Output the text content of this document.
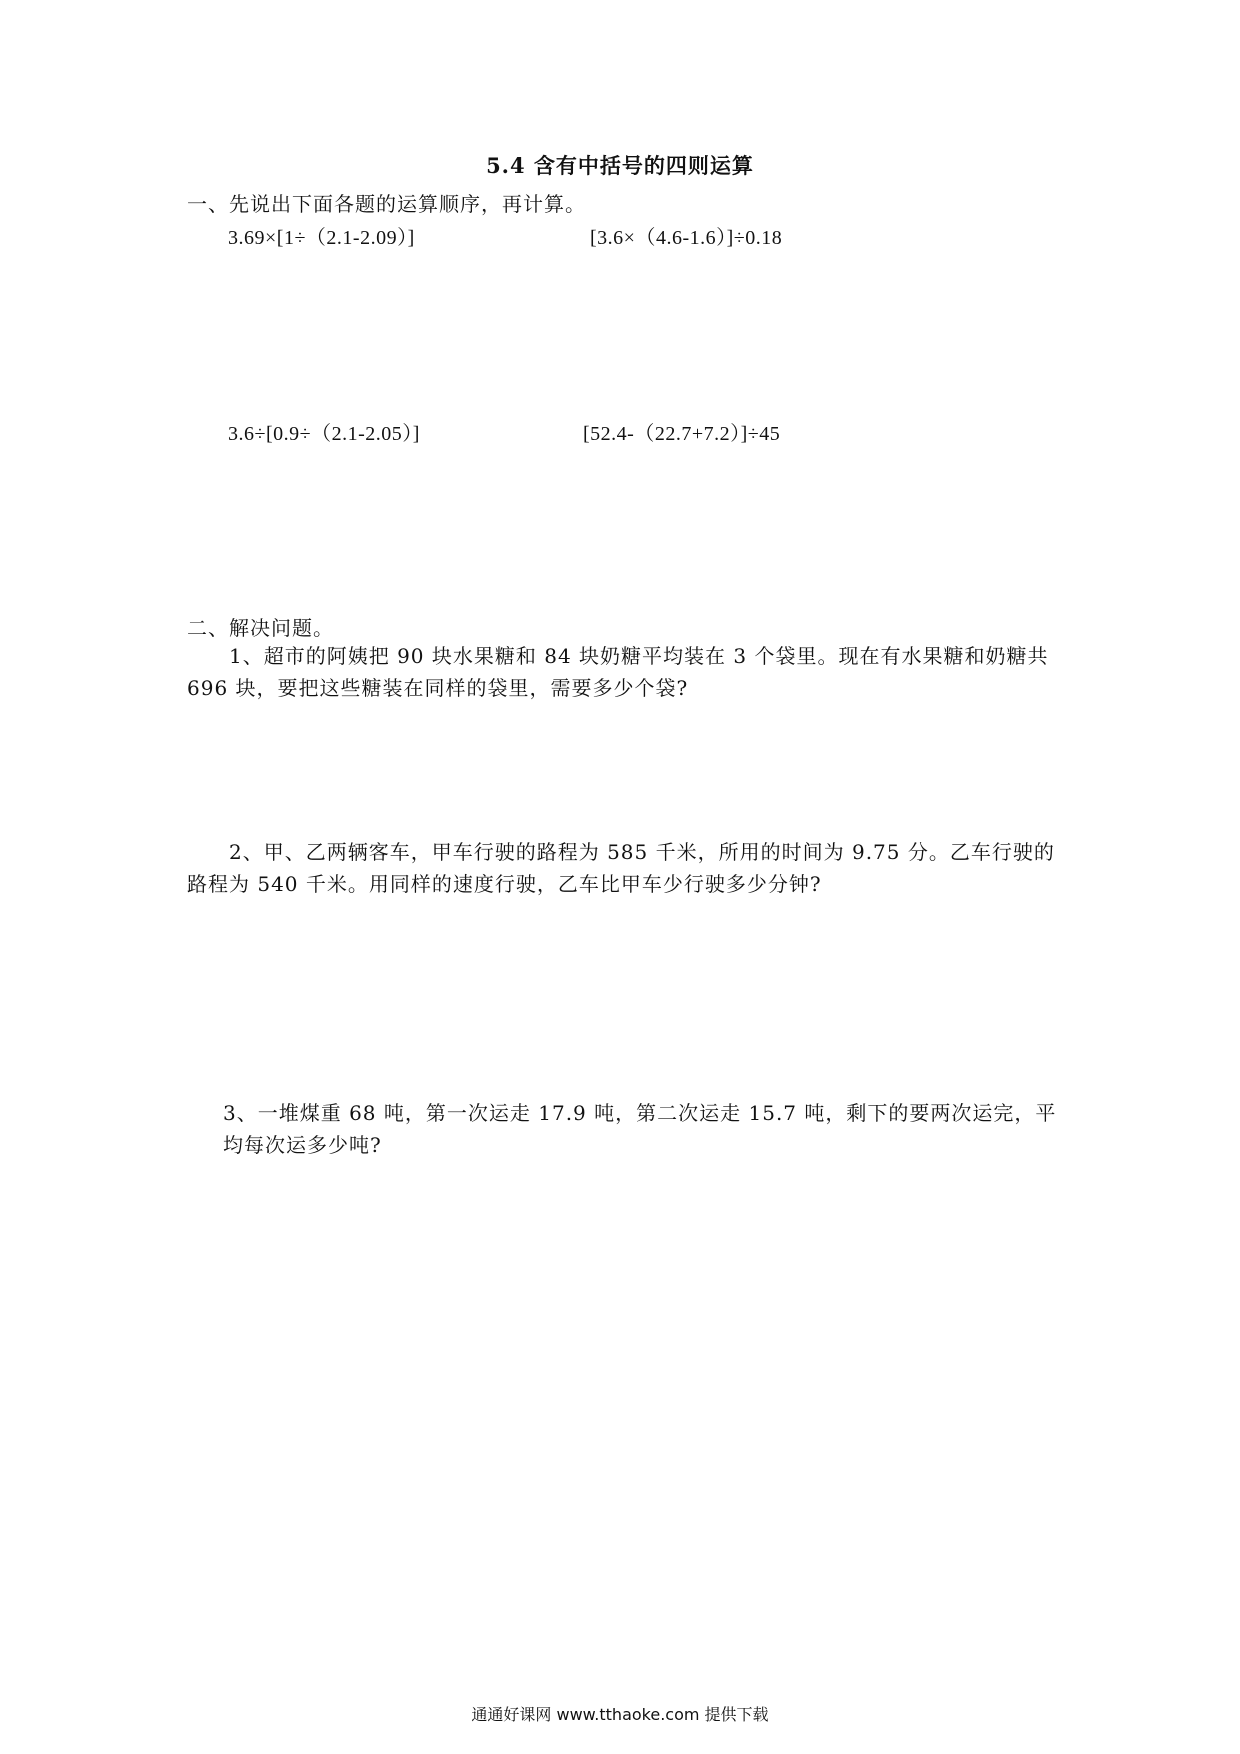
5.4 含有中括号的四则运算
一、先说出下面各题的运算顺序，再计算。
3.69×[1÷（2.1-2.09）]	[3.6×（4.6-1.6）]÷0.18
3.6÷[0.9÷（2.1-2.05）]	[52.4-（22.7+7.2）]÷45
二、解决问题。
1、超市的阿姨把 90 块水果糖和 84 块奶糖平均装在 3 个袋里。现在有水果糖和奶糖共
696 块，要把这些糖装在同样的袋里，需要多少个袋?
2、甲、乙两辆客车，甲车行驶的路程为 585 千米，所用的时间为 9.75 分。乙车行驶的
路程为 540 千米。用同样的速度行驶，乙车比甲车少行驶多少分钟?
3、一堆煤重 68 吨，第一次运走 17.9 吨，第二次运走 15.7 吨，剩下的要两次运完，平
均每次运多少吨?
通通好课网 www.tthaoke.com 提供下载
